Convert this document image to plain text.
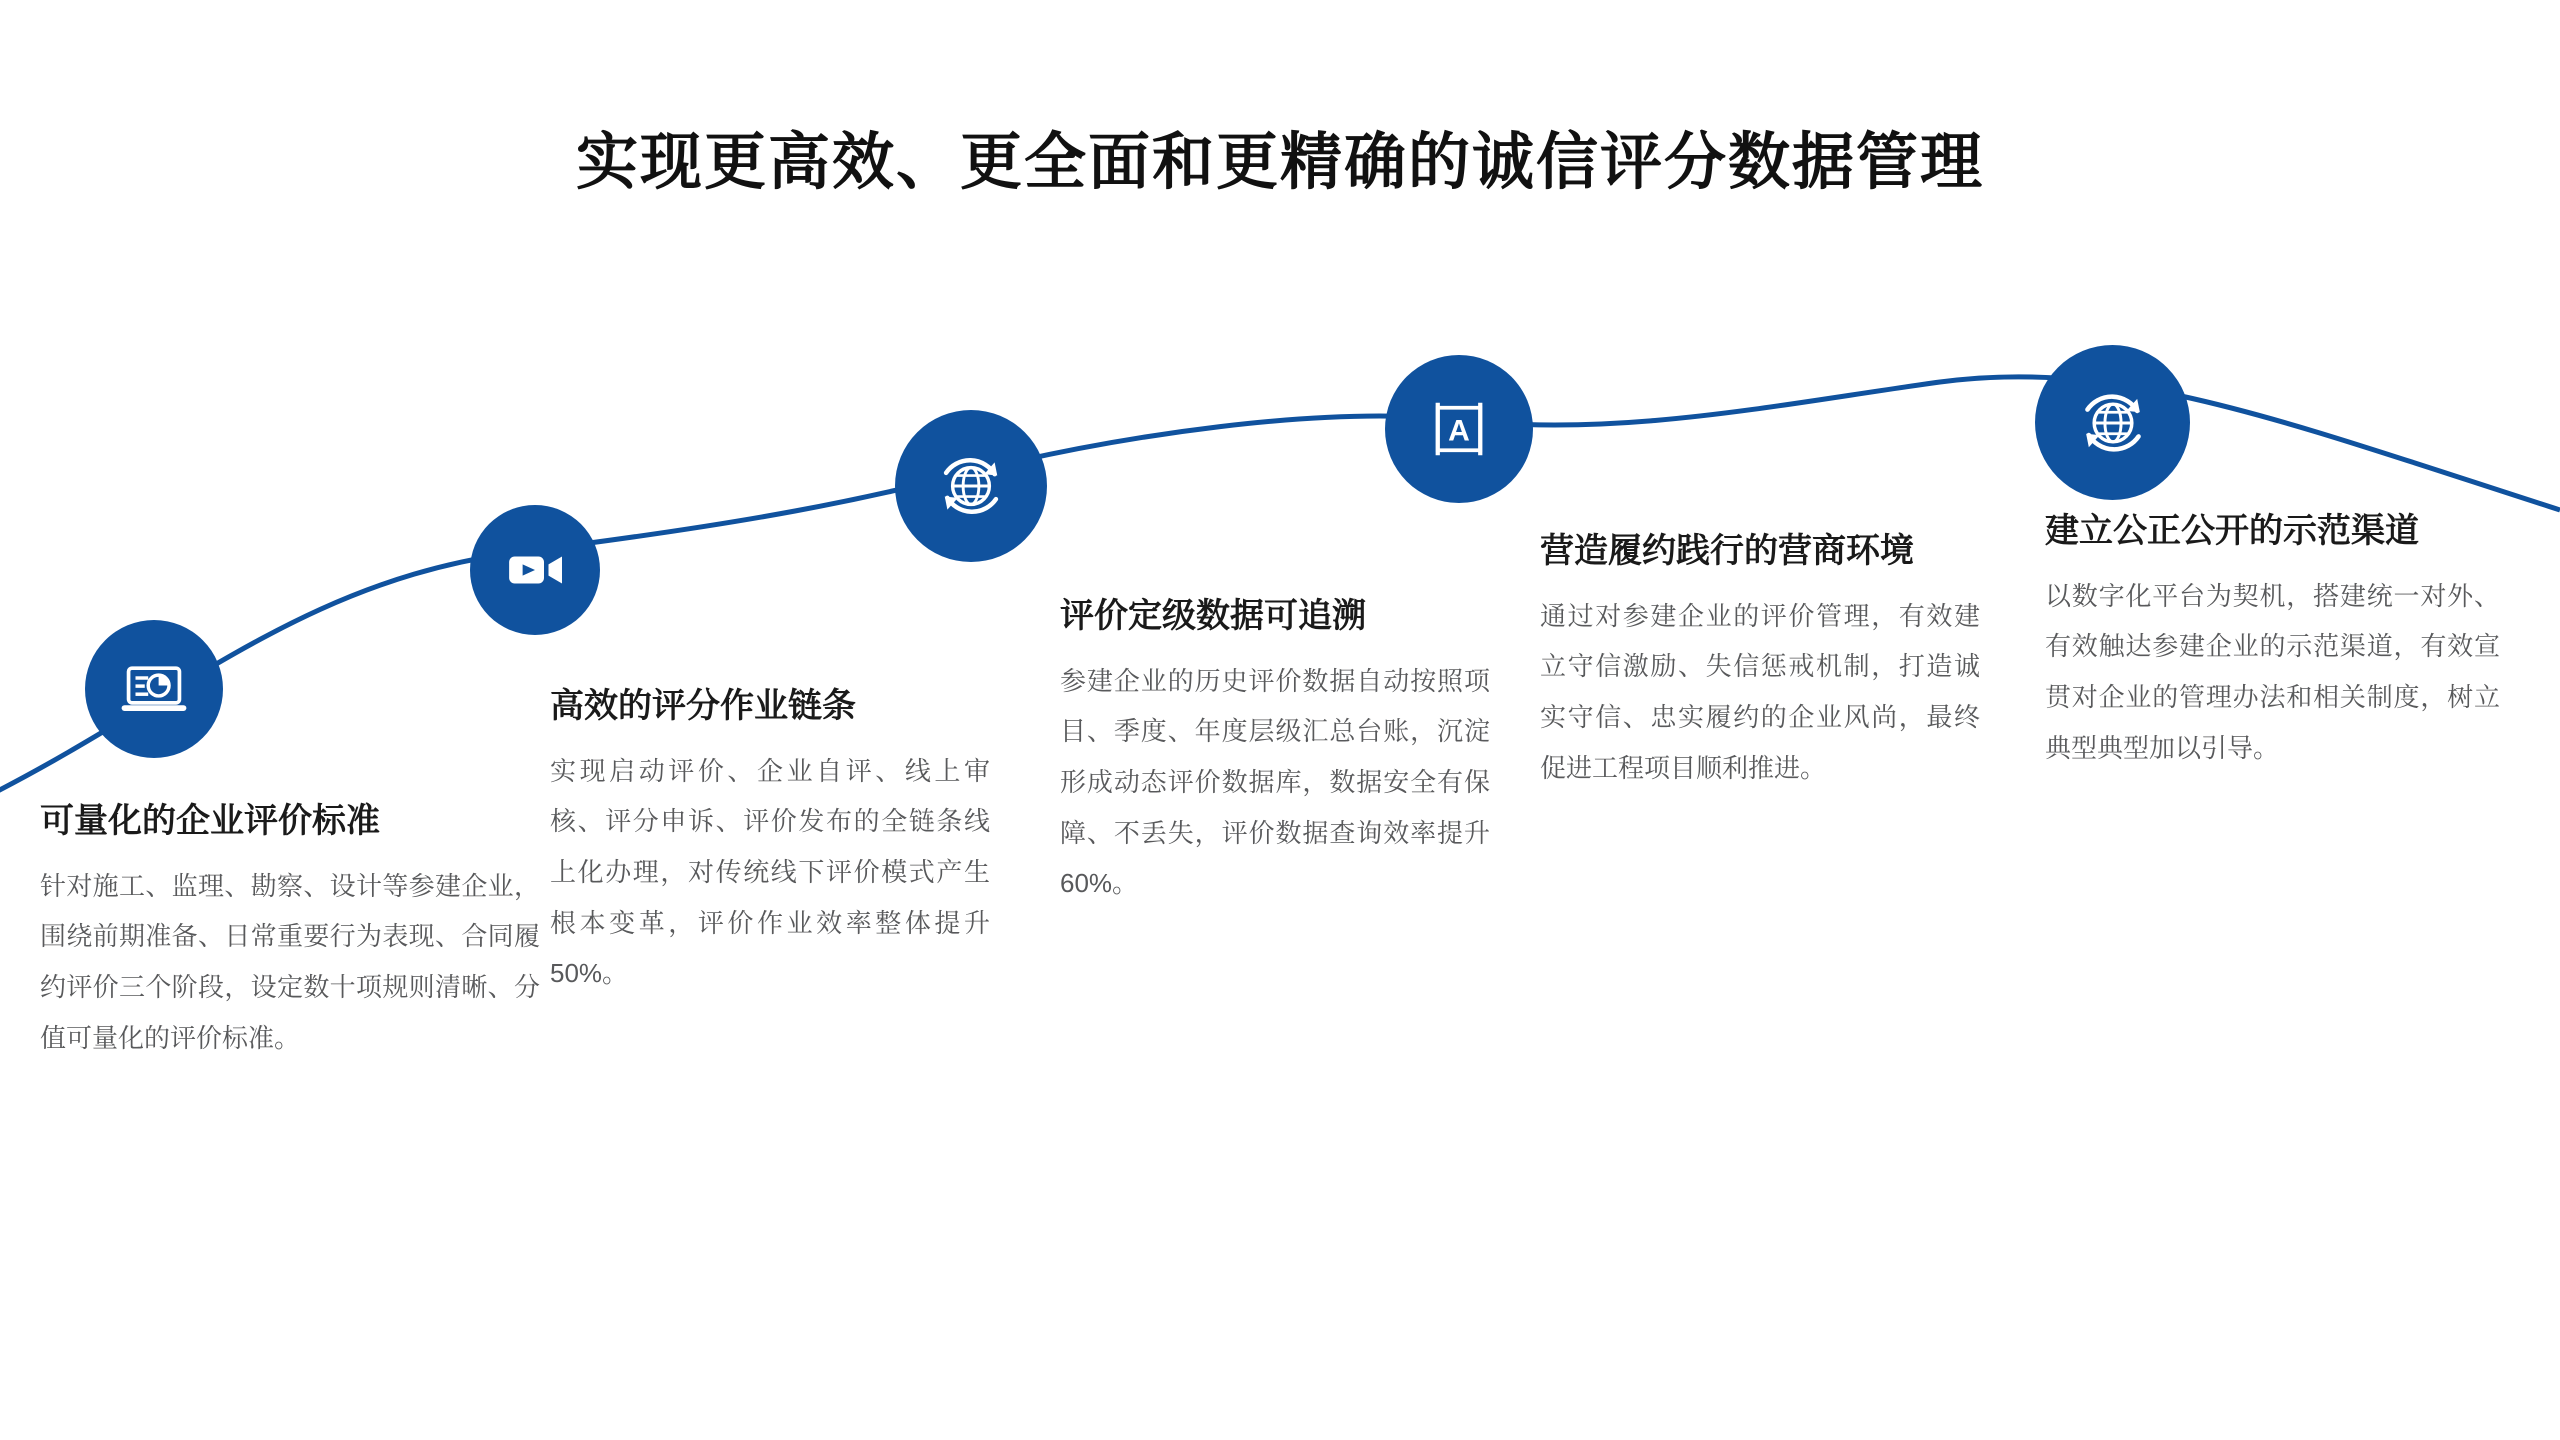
实现更高效、更全面和更精确的诚信评分数据管理
A
可量化的企业评价标准

针对施工、监理、勘察、设计等参建企业，围绕前期准备、日常重要行为表现、合同履约评价三个阶段，设定数十项规则清晰、分值可量化的评价标准。

高效的评分作业链条

实现启动评价、企业自评、线上审核、评分申诉、评价发布的全链条线上化办理，对传统线下评价模式产生根本变革，评价作业效率整体提升50%。

评价定级数据可追溯

参建企业的历史评价数据自动按照项目、季度、年度层级汇总台账，沉淀形成动态评价数据库，数据安全有保障、不丢失，评价数据查询效率提升60%。

营造履约践行的营商环境

通过对参建企业的评价管理，有效建立守信激励、失信惩戒机制，打造诚实守信、忠实履约的企业风尚，最终促进工程项目顺利推进。

建立公正公开的示范渠道

以数字化平台为契机，搭建统一对外、有效触达参建企业的示范渠道，有效宣贯对企业的管理办法和相关制度，树立典型典型加以引导。
